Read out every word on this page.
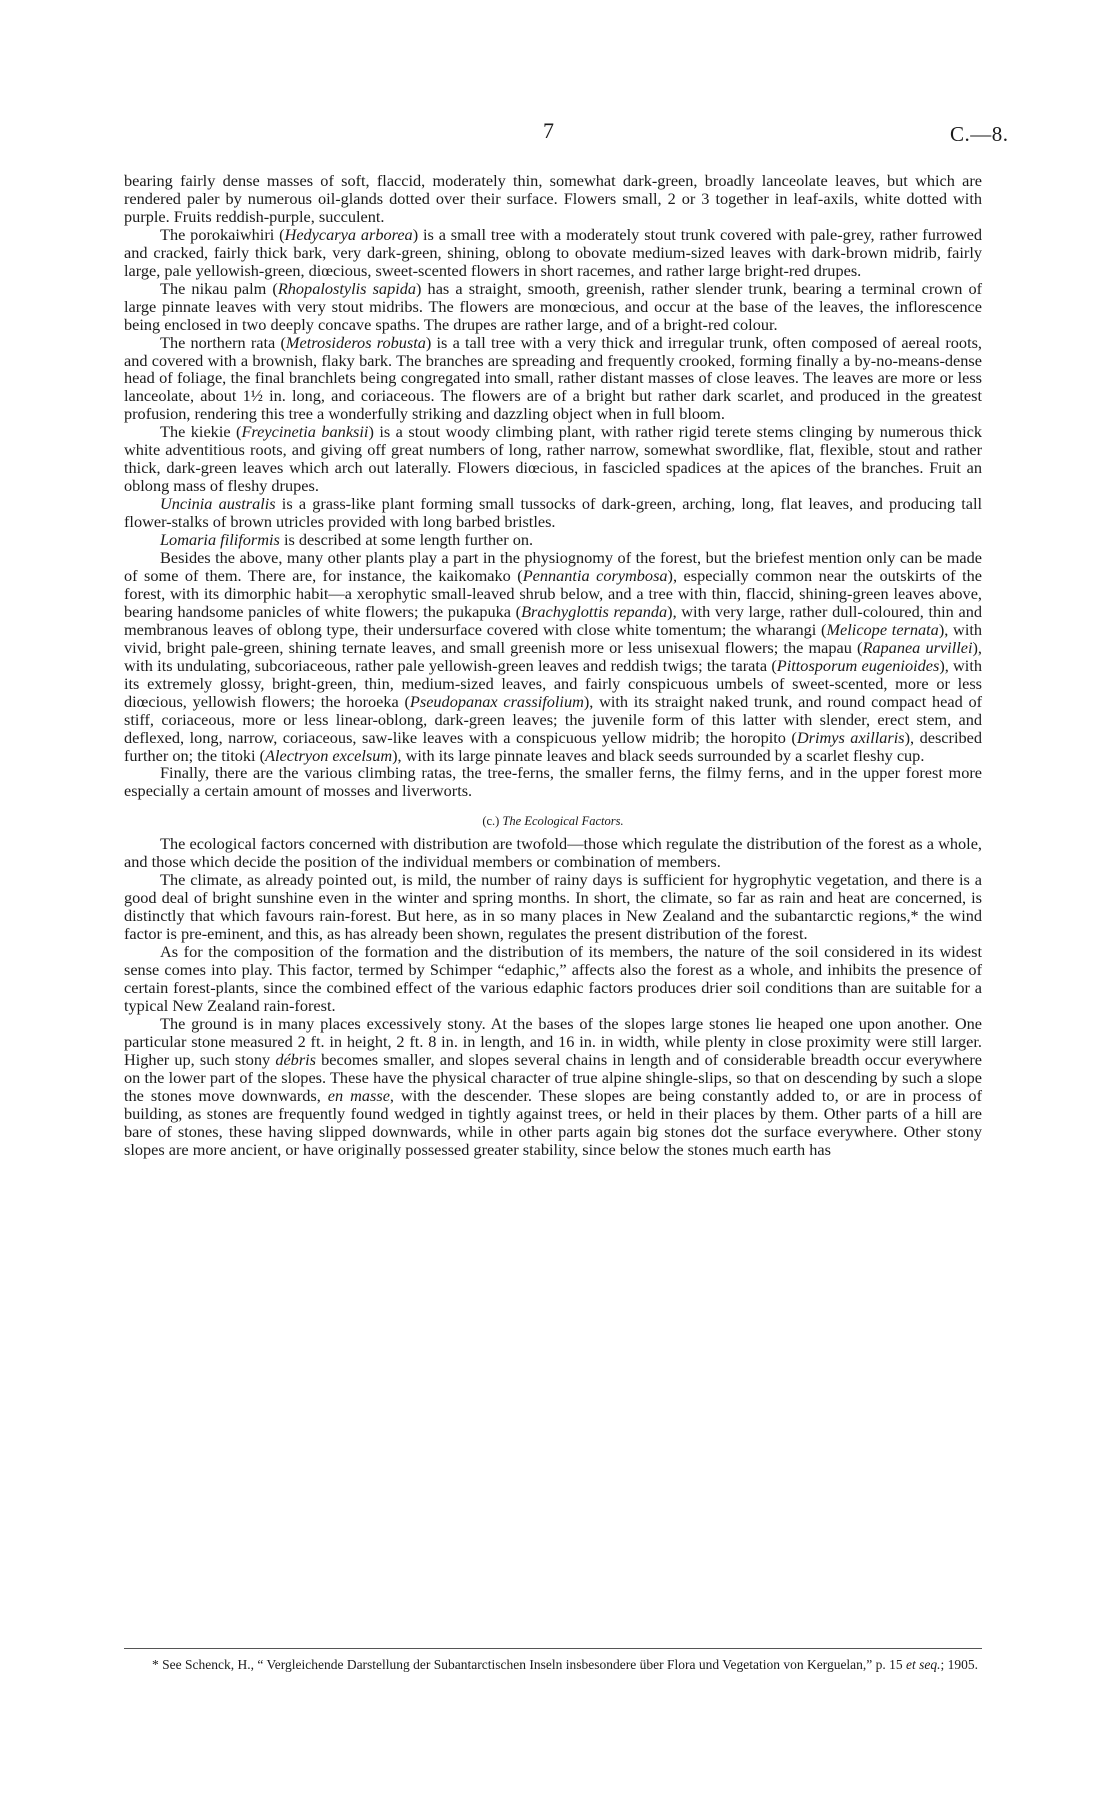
7	C.—8.

bearing fairly dense masses of soft, flaccid, moderately thin, somewhat dark-green, broadly lanceolate leaves, but which are rendered paler by numerous oil-glands dotted over their surface. Flowers small, 2 or 3 together in leaf-axils, white dotted with purple. Fruits reddish-purple, succulent.

The porokaiwhiri (Hedycarya arborea) is a small tree with a moderately stout trunk covered with pale-grey, rather furrowed and cracked, fairly thick bark, very dark-green, shining, oblong to obovate medium-sized leaves with dark-brown midrib, fairly large, pale yellowish-green, diœcious, sweet-scented flowers in short racemes, and rather large bright-red drupes.

The nikau palm (Rhopalostylis sapida) has a straight, smooth, greenish, rather slender trunk, bearing a terminal crown of large pinnate leaves with very stout midribs. The flowers are monœcious, and occur at the base of the leaves, the inflorescence being enclosed in two deeply concave spaths. The drupes are rather large, and of a bright-red colour.

The northern rata (Metrosideros robusta) is a tall tree with a very thick and irregular trunk, often composed of aereal roots, and covered with a brownish, flaky bark. The branches are spreading and frequently crooked, forming finally a by-no-means-dense head of foliage, the final branchlets being congregated into small, rather distant masses of close leaves. The leaves are more or less lanceolate, about 1½ in. long, and coriaceous. The flowers are of a bright but rather dark scarlet, and produced in the greatest profusion, rendering this tree a wonderfully striking and dazzling object when in full bloom.

The kiekie (Freycinetia banksii) is a stout woody climbing plant, with rather rigid terete stems clinging by numerous thick white adventitious roots, and giving off great numbers of long, rather narrow, somewhat swordlike, flat, flexible, stout and rather thick, dark-green leaves which arch out laterally. Flowers diœcious, in fascicled spadices at the apices of the branches. Fruit an oblong mass of fleshy drupes.

Uncinia australis is a grass-like plant forming small tussocks of dark-green, arching, long, flat leaves, and producing tall flower-stalks of brown utricles provided with long barbed bristles.

Lomaria filiformis is described at some length further on.

Besides the above, many other plants play a part in the physiognomy of the forest, but the briefest mention only can be made of some of them. There are, for instance, the kaikomako (Pennantia corymbosa), especially common near the outskirts of the forest, with its dimorphic habit—a xerophytic small-leaved shrub below, and a tree with thin, flaccid, shining-green leaves above, bearing handsome panicles of white flowers; the pukapuka (Brachyglottis repanda), with very large, rather dull-coloured, thin and membranous leaves of oblong type, their undersurface covered with close white tomentum; the wharangi (Melicope ternata), with vivid, bright pale-green, shining ternate leaves, and small greenish more or less unisexual flowers; the mapau (Rapanea urvillei), with its undulating, subcoriaceous, rather pale yellowish-green leaves and reddish twigs; the tarata (Pittosporum eugenioides), with its extremely glossy, bright-green, thin, medium-sized leaves, and fairly conspicuous umbels of sweet-scented, more or less diœcious, yellowish flowers; the horoeka (Pseudopanax crassifolium), with its straight naked trunk, and round compact head of stiff, coriaceous, more or less linear-oblong, dark-green leaves; the juvenile form of this latter with slender, erect stem, and deflexed, long, narrow, coriaceous, saw-like leaves with a conspicuous yellow midrib; the horopito (Drimys axillaris), described further on; the titoki (Alectryon excelsum), with its large pinnate leaves and black seeds surrounded by a scarlet fleshy cup.

Finally, there are the various climbing ratas, the tree-ferns, the smaller ferns, the filmy ferns, and in the upper forest more especially a certain amount of mosses and liverworts.

(c.) The Ecological Factors.

The ecological factors concerned with distribution are twofold—those which regulate the distribution of the forest as a whole, and those which decide the position of the individual members or combination of members.

The climate, as already pointed out, is mild, the number of rainy days is sufficient for hygrophytic vegetation, and there is a good deal of bright sunshine even in the winter and spring months. In short, the climate, so far as rain and heat are concerned, is distinctly that which favours rain-forest. But here, as in so many places in New Zealand and the subantarctic regions,* the wind factor is pre-eminent, and this, as has already been shown, regulates the present distribution of the forest.

As for the composition of the formation and the distribution of its members, the nature of the soil considered in its widest sense comes into play. This factor, termed by Schimper “edaphic,” affects also the forest as a whole, and inhibits the presence of certain forest-plants, since the combined effect of the various edaphic factors produces drier soil conditions than are suitable for a typical New Zealand rain-forest.

The ground is in many places excessively stony. At the bases of the slopes large stones lie heaped one upon another. One particular stone measured 2 ft. in height, 2 ft. 8 in. in length, and 16 in. in width, while plenty in close proximity were still larger. Higher up, such stony débris becomes smaller, and slopes several chains in length and of considerable breadth occur everywhere on the lower part of the slopes. These have the physical character of true alpine shingle-slips, so that on descending by such a slope the stones move downwards, en masse, with the descender. These slopes are being constantly added to, or are in process of building, as stones are frequently found wedged in tightly against trees, or held in their places by them. Other parts of a hill are bare of stones, these having slipped downwards, while in other parts again big stones dot the surface everywhere. Other stony slopes are more ancient, or have originally possessed greater stability, since below the stones much earth has

* See Schenck, H., “ Vergleichende Darstellung der Subantarctischen Inseln insbesondere über Flora und Vegetation von Kerguelan,” p. 15 et seq.; 1905.
